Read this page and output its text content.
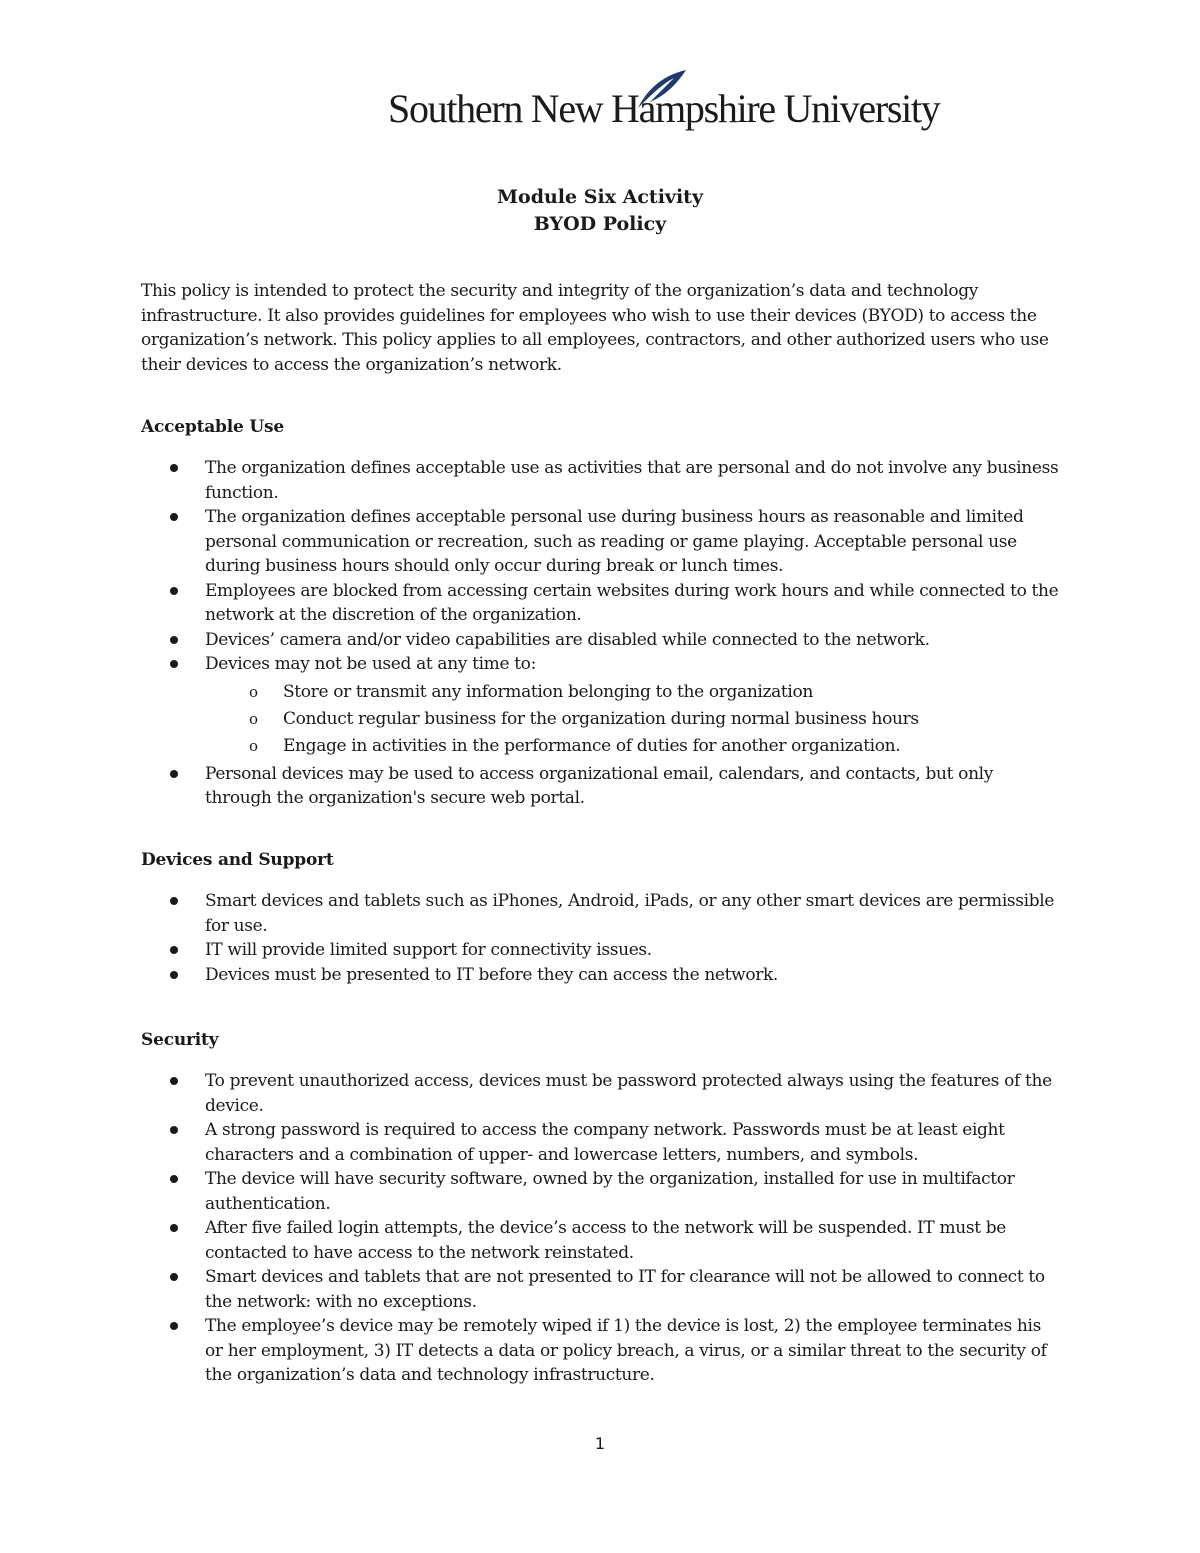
Southern New Hampshire University
Module Six Activity
BYOD Policy

This policy is intended to protect the security and integrity of the organization’s data and technology infrastructure. It also provides guidelines for employees who wish to use their devices (BYOD) to access the organization’s network. This policy applies to all employees, contractors, and other authorized users who use their devices to access the organization’s network.

Acceptable Use
The organization defines acceptable use as activities that are personal and do not involve any business function.
The organization defines acceptable personal use during business hours as reasonable and limited personal communication or recreation, such as reading or game playing. Acceptable personal use during business hours should only occur during break or lunch times.
Employees are blocked from accessing certain websites during work hours and while connected to the network at the discretion of the organization.
Devices’ camera and/or video capabilities are disabled while connected to the network.
Devices may not be used at any time to:
o Store or transmit any information belonging to the organization
o Conduct regular business for the organization during normal business hours
o Engage in activities in the performance of duties for another organization.
Personal devices may be used to access organizational email, calendars, and contacts, but only through the organization's secure web portal.
Devices and Support
Smart devices and tablets such as iPhones, Android, iPads, or any other smart devices are permissible for use.
IT will provide limited support for connectivity issues.
Devices must be presented to IT before they can access the network.
Security
To prevent unauthorized access, devices must be password protected always using the features of the device.
A strong password is required to access the company network. Passwords must be at least eight characters and a combination of upper- and lowercase letters, numbers, and symbols.
The device will have security software, owned by the organization, installed for use in multifactor authentication.
After five failed login attempts, the device’s access to the network will be suspended. IT must be contacted to have access to the network reinstated.
Smart devices and tablets that are not presented to IT for clearance will not be allowed to connect to the network: with no exceptions.
The employee’s device may be remotely wiped if 1) the device is lost, 2) the employee terminates his or her employment, 3) IT detects a data or policy breach, a virus, or a similar threat to the security of the organization’s data and technology infrastructure.

1
